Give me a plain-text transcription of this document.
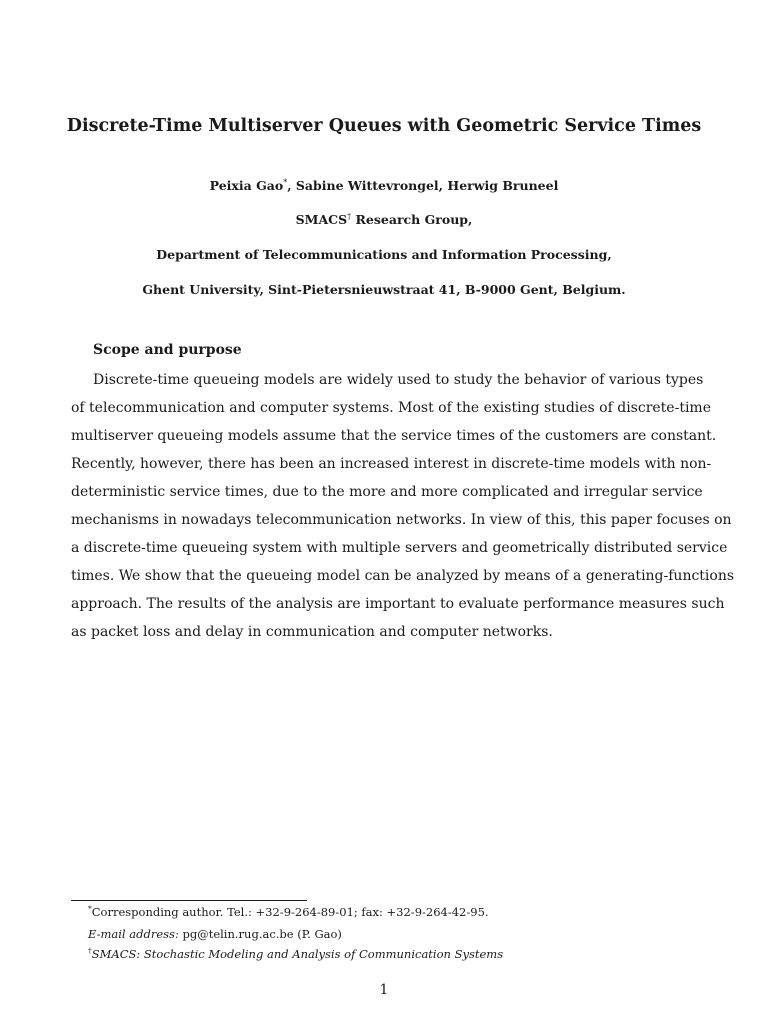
Discrete-Time Multiserver Queues with Geometric Service Times

Peixia Gao*, Sabine Wittevrongel, Herwig Bruneel

SMACS† Research Group,

Department of Telecommunications and Information Processing,

Ghent University, Sint-Pietersnieuwstraat 41, B-9000 Gent, Belgium.

Scope and purpose

Discrete-time queueing models are widely used to study the behavior of various types
of telecommunication and computer systems. Most of the existing studies of discrete-time
multiserver queueing models assume that the service times of the customers are constant.
Recently, however, there has been an increased interest in discrete-time models with non-
deterministic service times, due to the more and more complicated and irregular service
mechanisms in nowadays telecommunication networks. In view of this, this paper focuses on
a discrete-time queueing system with multiple servers and geometrically distributed service
times. We show that the queueing model can be analyzed by means of a generating-functions
approach. The results of the analysis are important to evaluate performance measures such
as packet loss and delay in communication and computer networks.

*Corresponding author. Tel.: +32-9-264-89-01; fax: +32-9-264-42-95.

E-mail address: pg@telin.rug.ac.be (P. Gao)

†SMACS: Stochastic Modeling and Analysis of Communication Systems

1
